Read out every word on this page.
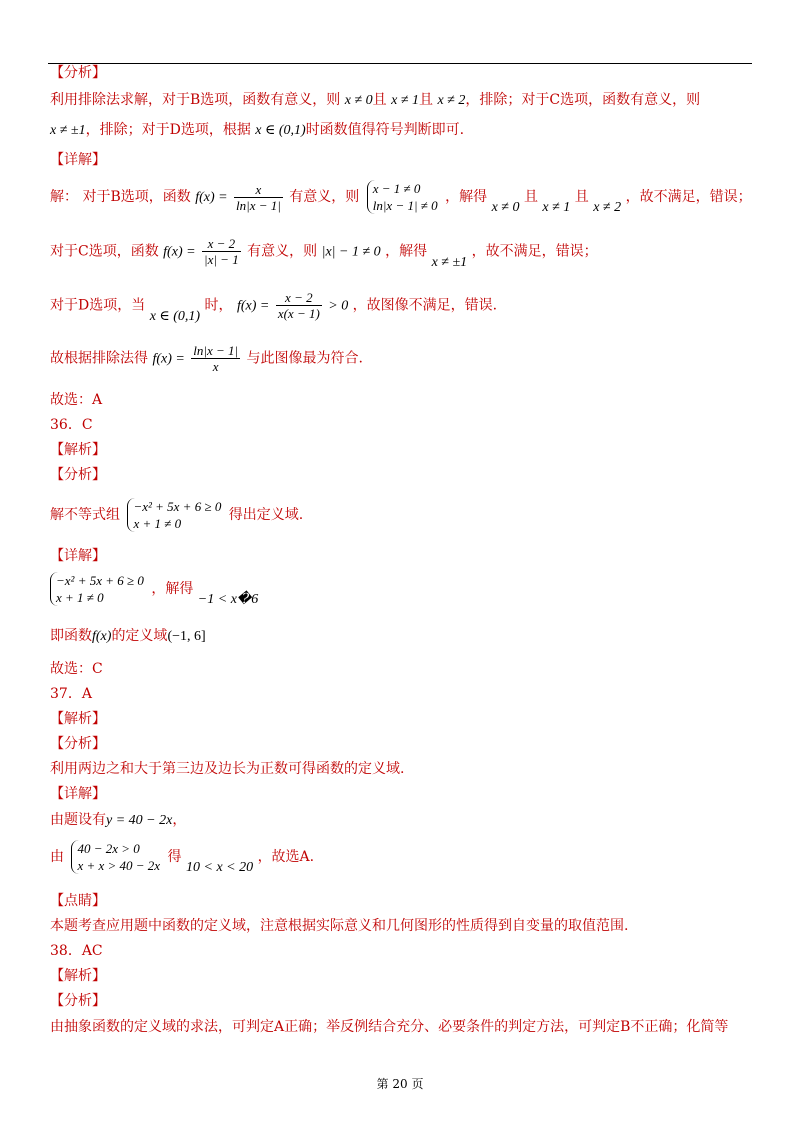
【分析】
利用排除法求解，对于B选项，函数有意义，则 x ≠ 0且 x ≠ 1且 x ≠ 2，排除；对于C选项，函数有意义，则
x ≠ ±1，排除；对于D选项，根据 x ∈ (0,1)时函数值得符号判断即可.
【详解】
解： 对于B选项，函数 $f(x) = \frac{x}{\ln|x - 1|}$ 有意义，则
x − 1 ≠ 0
ln|x − 1| ≠ 0
，解得 x ≠ 0 且 x ≠ 1 且 x ≠ 2 ，故不满足，错误；
对于C选项，函数 $f(x) = \frac{x - 2}{|x| - 1}$ 有意义，则 |x| − 1 ≠ 0 ，解得 x ≠ ±1 ，故不满足，错误；
对于D选项，当 x ∈ (0,1) 时， $f(x) = \frac{x - 2}{x(x - 1)} > 0$ ，故图像不满足，错误.
故根据排除法得 $f(x) = \frac{\ln|x - 1|}{x}$ 与此图像最为符合.
故选：A
36．C
【解析】
【分析】
解不等式组
−x² + 5x + 6 ≥ 0
x + 1 ≠ 0
得出定义域.
【详解】
−x² + 5x + 6 ≥ 0
x + 1 ≠ 0
，解得 −1 < x�6
即函数f(x)的定义域(−1, 6]
故选：C
37．A
【解析】
【分析】
利用两边之和大于第三边及边长为正数可得函数的定义域.
【详解】
由题设有y = 40 − 2x，
由
40 − 2x > 0
x + x > 40 − 2x
得 10 < x < 20 ，故选A.
【点睛】
本题考查应用题中函数的定义域，注意根据实际意义和几何图形的性质得到自变量的取值范围.
38．AC
【解析】
【分析】
由抽象函数的定义域的求法，可判定A正确；举反例结合充分、必要条件的判定方法，可判定B不正确；化简等
第 20 页
